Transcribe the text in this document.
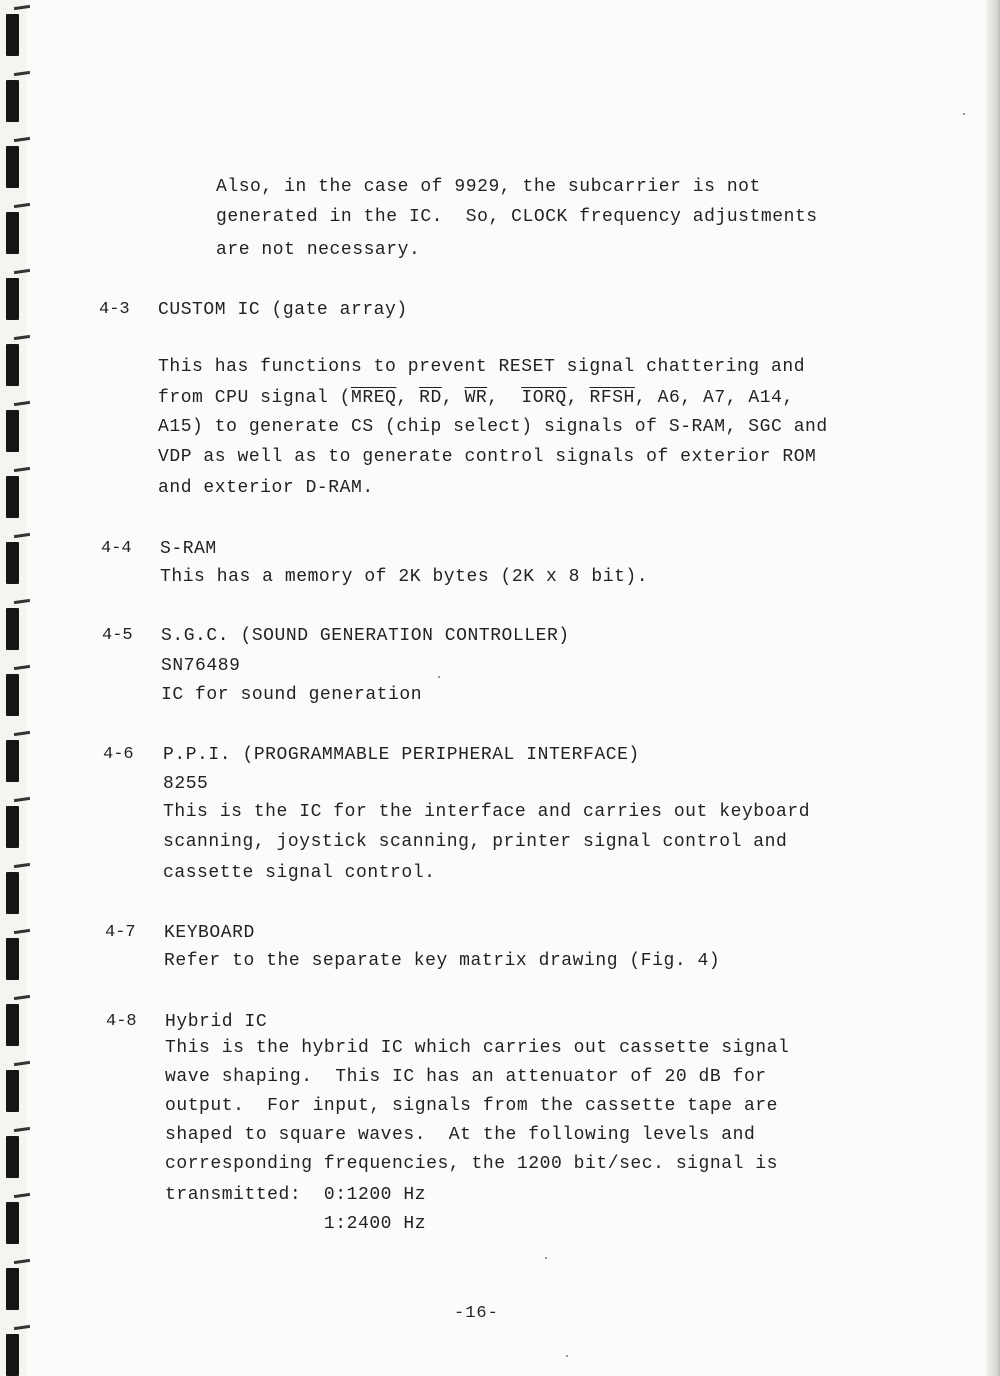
Also, in the case of 9929, the subcarrier is not

generated in the IC.  So, CLOCK frequency adjustments

are not necessary.

4-3 CUSTOM IC (gate array)

This has functions to prevent RESET signal chattering and

from CPU signal (MREQ, $\overline{RD}$, $\overline{WR}$,  IORQ, RFSH, A6, A7, A14,

A15) to generate CS (chip select) signals of S-RAM, SGC and

VDP as well as to generate control signals of exterior ROM

and exterior D-RAM.

4-4 S-RAM

This has a memory of 2K bytes (2K x 8 bit).

4-5 S.G.C. (SOUND GENERATION CONTROLLER)

SN76489

IC for sound generation

4-6 P.P.I. (PROGRAMMABLE PERIPHERAL INTERFACE)

8255

This is the IC for the interface and carries out keyboard

scanning, joystick scanning, printer signal control and

cassette signal control.

4-7 KEYBOARD

Refer to the separate key matrix drawing (Fig. 4)

4-8 Hybrid IC

This is the hybrid IC which carries out cassette signal

wave shaping.  This IC has an attenuator of 20 dB for

output.  For input, signals from the cassette tape are

shaped to square waves.  At the following levels and

corresponding frequencies, the 1200 bit/sec. signal is

transmitted:  0:1200 Hz

1:2400 Hz

-16-
